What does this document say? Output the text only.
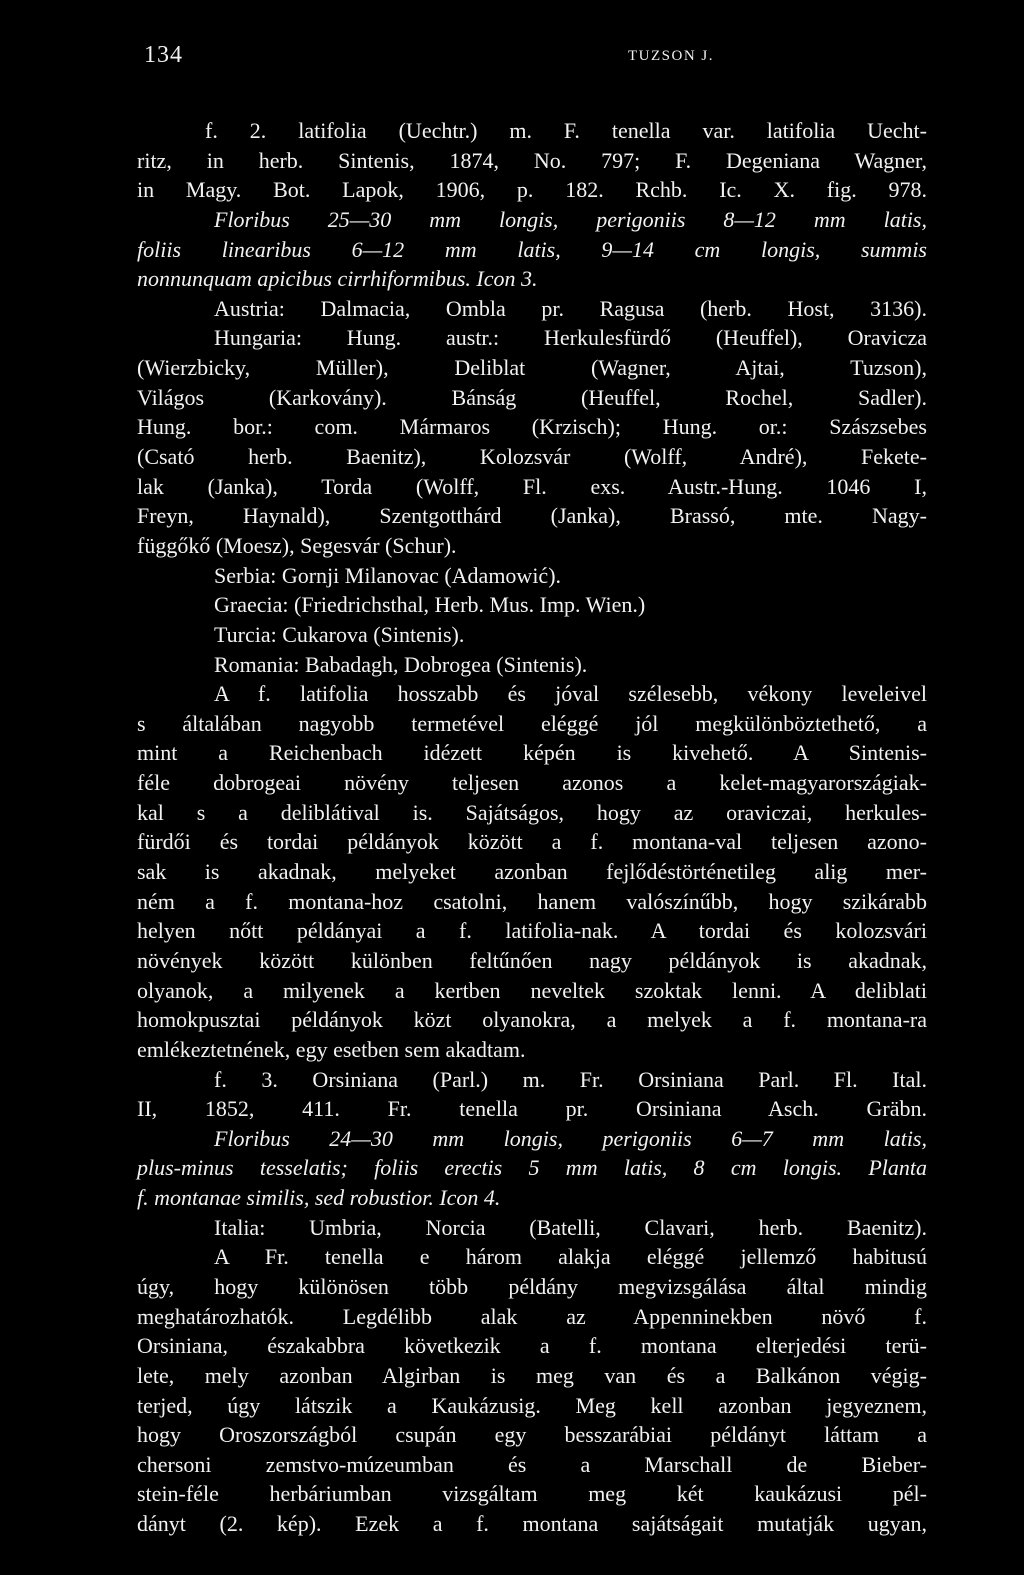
134	TUZSON J.
f. 2. latifolia (Uechtr.) m. F. tenella var. latifolia Uecht-
ritz, in herb. Sintenis, 1874, No. 797; F. Degeniana Wagner,
in Magy. Bot. Lapok, 1906, p. 182. Rchb. Ic. X. fig. 978.
Floribus 25—30 mm longis, perigoniis 8—12 mm latis,
foliis linearibus 6—12 mm latis, 9—14 cm longis, summis
nonnunquam apicibus cirrhiformibus. Icon 3.
Austria: Dalmacia, Ombla pr. Ragusa (herb. Host, 3136).
Hungaria: Hung. austr.: Herkulesfürdő (Heuffel), Oravicza
(Wierzbicky, Müller), Deliblat (Wagner, Ajtai, Tuzson),
Világos (Karkovány). Bánság (Heuffel, Rochel, Sadler).
Hung. bor.: com. Mármaros (Krzisch); Hung. or.: Szászsebes
(Csató herb. Baenitz), Kolozsvár (Wolff, André), Fekete-
lak (Janka), Torda (Wolff, Fl. exs. Austr.-Hung. 1046 I,
Freyn, Haynald), Szentgotthárd (Janka), Brassó, mte. Nagy-
függőkő (Moesz), Segesvár (Schur).
Serbia: Gornji Milanovac (Adamowić).
Graecia: (Friedrichsthal, Herb. Mus. Imp. Wien.)
Turcia: Cukarova (Sintenis).
Romania: Babadagh, Dobrogea (Sintenis).
A f. latifolia hosszabb és jóval szélesebb, vékony leveleivel
s általában nagyobb termetével eléggé jól megkülönböztethető, a
mint a Reichenbach idézett képén is kivehető. A Sintenis-
féle dobrogeai növény teljesen azonos a kelet-magyarországiak-
kal s a deliblátival is. Sajátságos, hogy az oraviczai, herkules-
fürdői és tordai példányok között a f. montana-val teljesen azono-
sak is akadnak, melyeket azonban fejlődéstörténetileg alig mer-
ném a f. montana-hoz csatolni, hanem valószínűbb, hogy szikárabb
helyen nőtt példányai a f. latifolia-nak. A tordai és kolozsvári
növények között különben feltűnően nagy példányok is akadnak,
olyanok, a milyenek a kertben neveltek szoktak lenni. A deliblati
homokpusztai példányok közt olyanokra, a melyek a f. montana-ra
emlékeztetnének, egy esetben sem akadtam.
f. 3. Orsiniana (Parl.) m. Fr. Orsiniana Parl. Fl. Ital.
II, 1852, 411. Fr. tenella pr. Orsiniana Asch. Gräbn.
Floribus 24—30 mm longis, perigoniis 6—7 mm latis,
plus-minus tesselatis; foliis erectis 5 mm latis, 8 cm longis. Planta
f. montanae similis, sed robustior. Icon 4.
Italia: Umbria, Norcia (Batelli, Clavari, herb. Baenitz).
A Fr. tenella e három alakja eléggé jellemző habitusú
úgy, hogy különösen több példány megvizsgálása által mindig
meghatározhatók. Legdélibb alak az Appenninekben növő f.
Orsiniana, északabbra következik a f. montana elterjedési terü-
lete, mely azonban Algirban is meg van és a Balkánon végig-
terjed, úgy látszik a Kaukázusig. Meg kell azonban jegyeznem,
hogy Oroszországból csupán egy besszarábiai példányt láttam a
chersoni zemstvo-múzeumban és a Marschall de Bieber-
stein-féle herbáriumban vizsgáltam meg két kaukázusi pél-
dányt (2. kép). Ezek a f. montana sajátságait mutatják ugyan,
